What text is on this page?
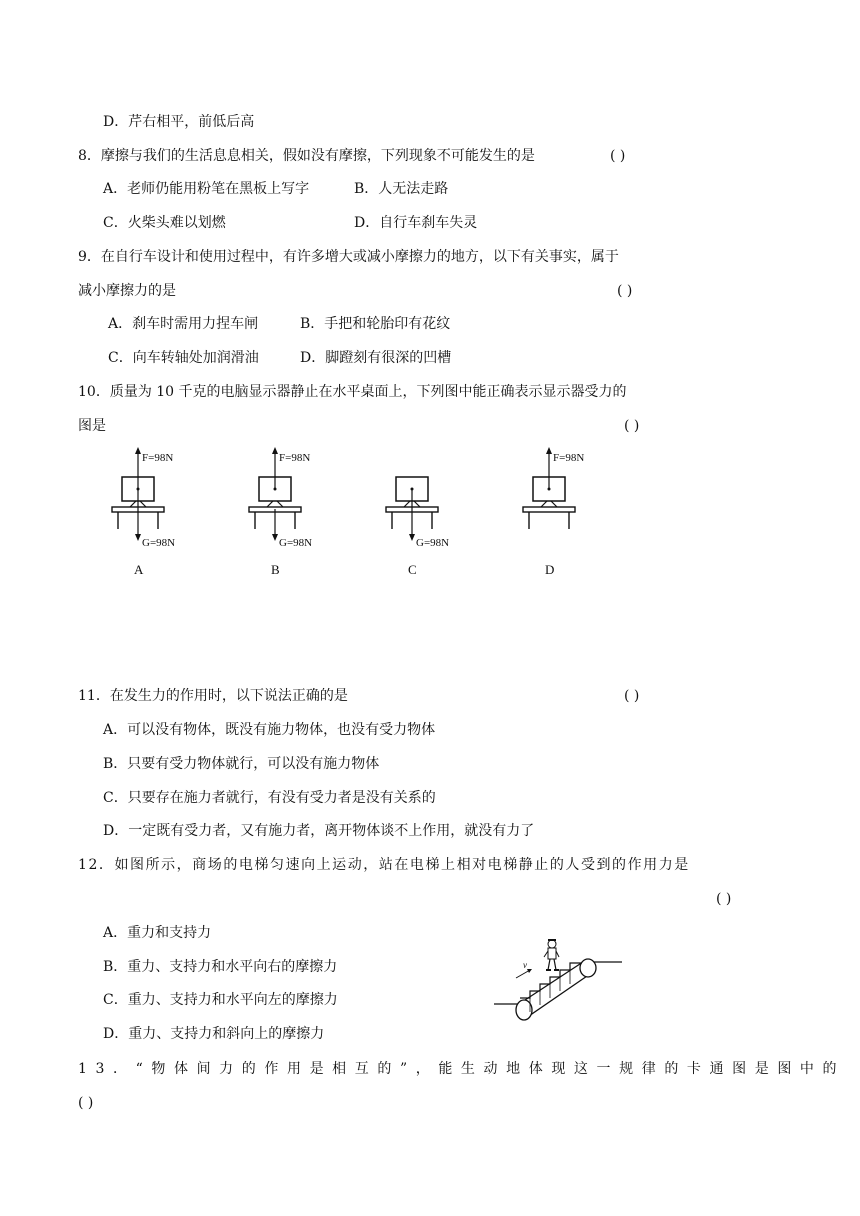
D．芹右相平，前低后高
8．摩擦与我们的生活息息相关，假如没有摩擦，下列现象不可能发生的是	( )
A．老师仍能用粉笔在黑板上写字	B．人无法走路
C．火柴头难以划燃	D．自行车刹车失灵
9．在自行车设计和使用过程中，有许多增大或减小摩擦力的地方，以下有关事实，属于
减小摩擦力的是	( )
A．刹车时需用力捏车闸	B．手把和轮胎印有花纹
C．向车转轴处加润滑油	D．脚蹬刻有很深的凹槽
10．质量为 10 千克的电脑显示器静止在水平桌面上，下列图中能正确表示显示器受力的
图是	( )
F=98N
G=98N
A
F=98N
G=98N
B
G=98N
C
F=98N
D
11．在发生力的作用时，以下说法正确的是	( )
A．可以没有物体，既没有施力物体，也没有受力物体
B．只要有受力物体就行，可以没有施力物体
C．只要存在施力者就行，有没有受力者是没有关系的
D．一定既有受力者，又有施力者，离开物体谈不上作用，就没有力了
12．如图所示，商场的电梯匀速向上运动，站在电梯上相对电梯静止的人受到的作用力是
( )
A．重力和支持力
B．重力、支持力和水平向右的摩擦力
C．重力、支持力和水平向左的摩擦力
D．重力、支持力和斜向上的摩擦力
v
13．“物体间力的作用是相互的”，能生动地体现这一规律的卡通图是图中的
( )
